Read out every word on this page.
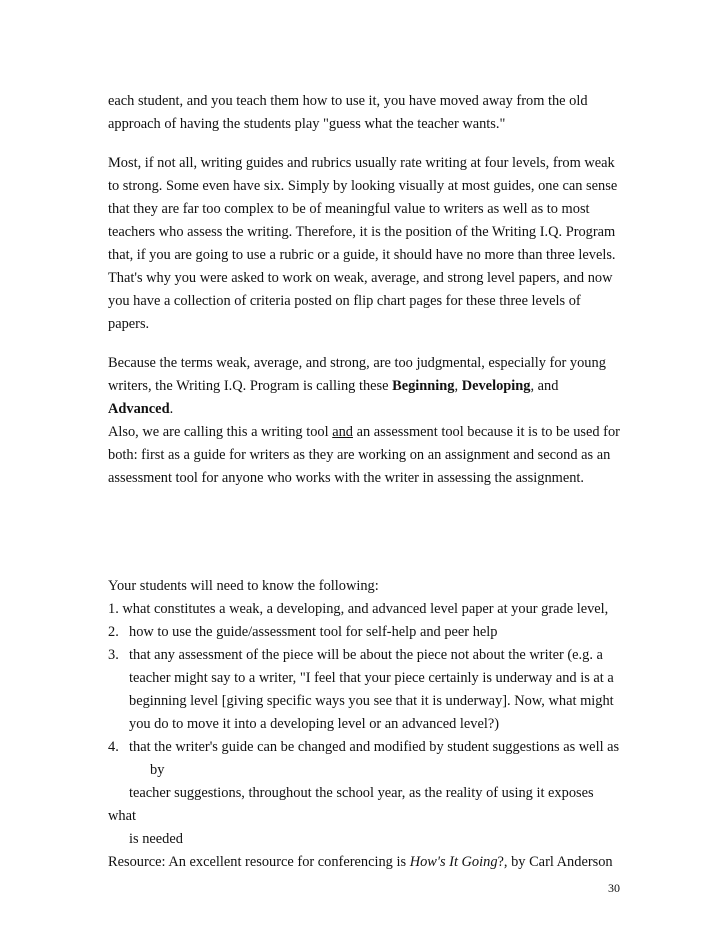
each student, and you teach them how to use it, you have moved away from the old
approach of having the students play "guess what the teacher wants."
Most, if not all, writing guides and rubrics usually rate writing at four levels, from weak
to strong. Some even have six. Simply by looking visually at most guides, one can sense
that they are far too complex to be of meaningful value to writers as well as to most
teachers who assess the writing. Therefore, it is the position of the Writing I.Q. Program
that, if you are going to use a rubric or a guide, it should have no more than three levels.
That's why you were asked to work on weak, average, and strong level papers, and now
you have a collection of criteria posted on flip chart pages for these three levels of
papers.
Because the terms weak, average, and strong, are too judgmental, especially for young
writers, the Writing I.Q. Program is calling these Beginning, Developing, and
Advanced.
Also, we are calling this a writing tool and an assessment tool because it is to be used for
both: first as a guide for writers as they are working on an assignment and second as an
assessment tool for anyone who works with the writer in assessing the assignment.
Your students will need to know the following:
1. what constitutes a weak, a developing, and advanced level paper at your grade level,
2. how to use the guide/assessment tool for self-help and peer help
3. that any assessment of the piece will be about the piece not about the writer (e.g. a
teacher might say to a writer, "I feel that your piece certainly is underway and is at a
beginning level [giving specific ways you see that it is underway]. Now, what might
you do to move it into a developing level or an advanced level?)
4. that the writer's guide can be changed and modified by student suggestions as well as
by
teacher suggestions, throughout the school year, as the reality of using it exposes
what
is needed
Resource: An excellent resource for conferencing is How's It Going?, by Carl Anderson
30
